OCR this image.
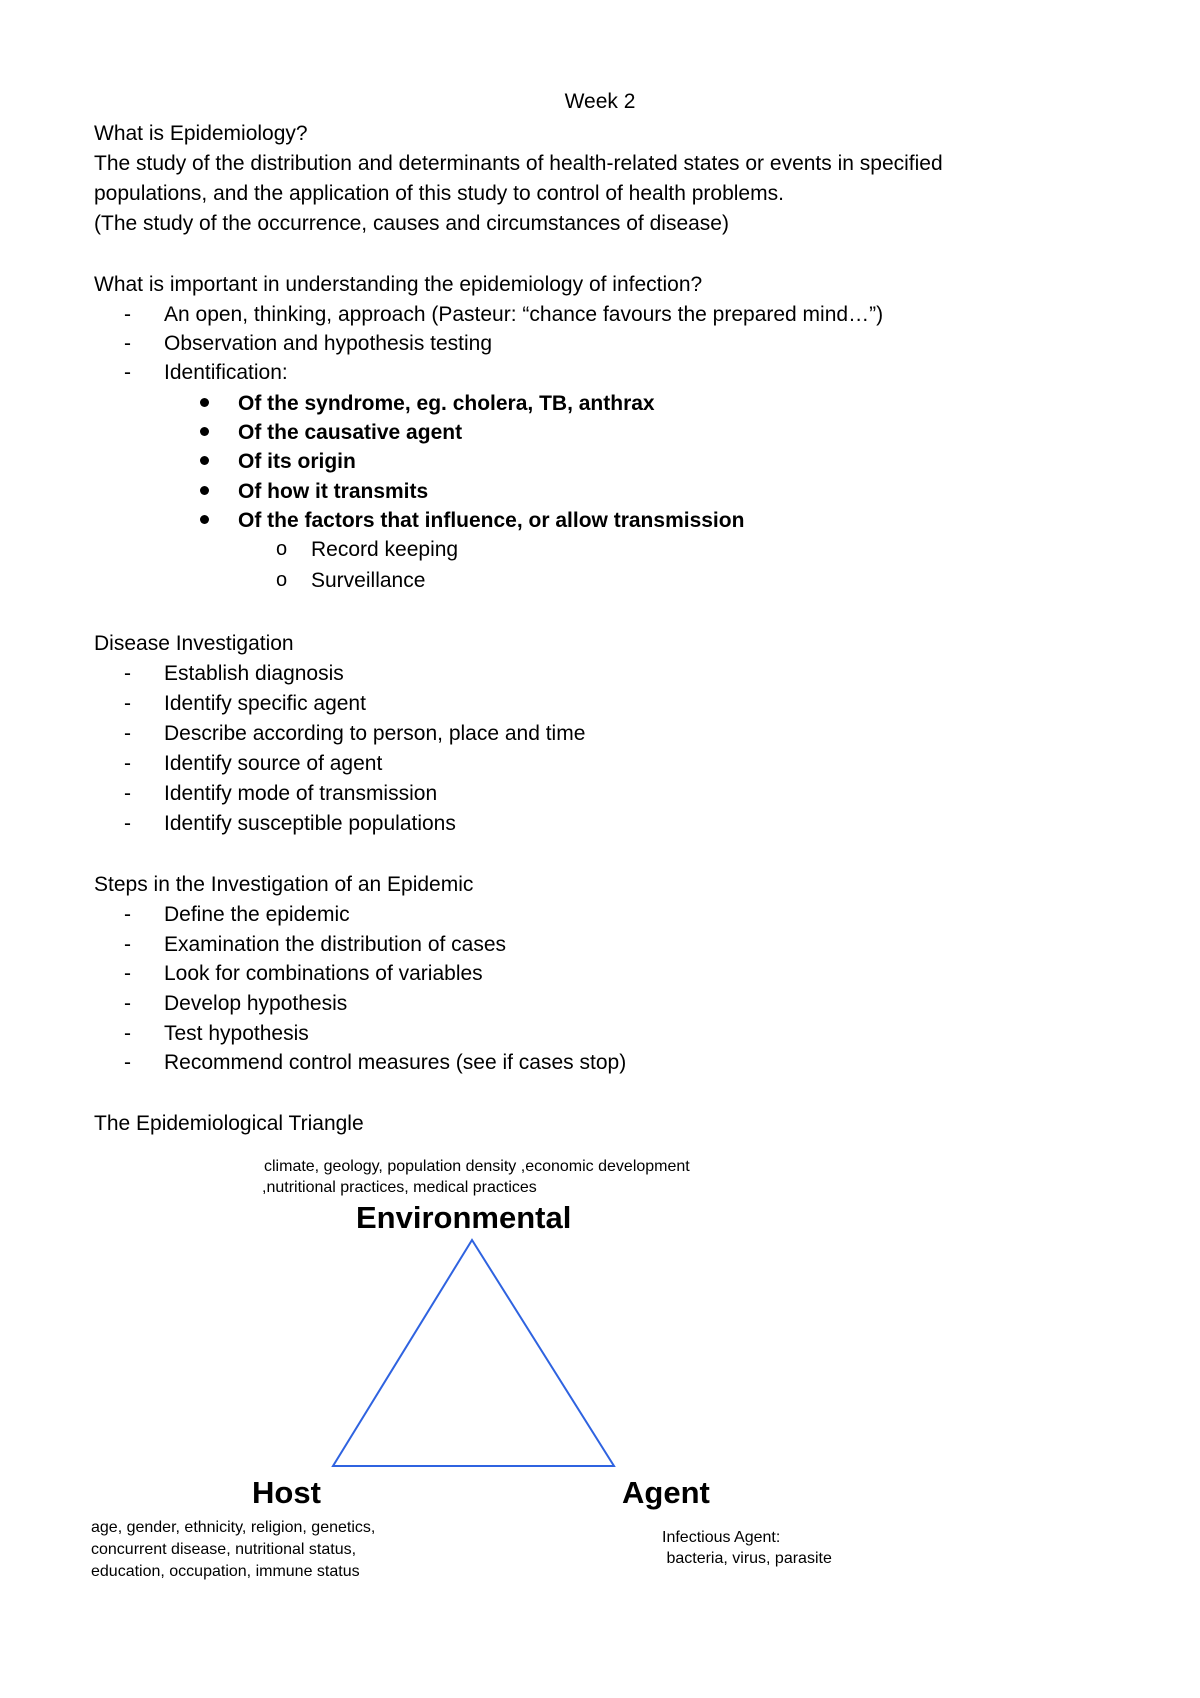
Week 2
What is Epidemiology?
The study of the distribution and determinants of health-related states or events in specified
populations, and the application of this study to control of health problems.
(The study of the occurrence, causes and circumstances of disease)
What is important in understanding the epidemiology of infection?
- An open, thinking, approach (Pasteur: “chance favours the prepared mind…”)
- Observation and hypothesis testing
- Identification:
Of the syndrome, eg. cholera, TB, anthrax
Of the causative agent
Of its origin
Of how it transmits
Of the factors that influence, or allow transmission
o Record keeping
o Surveillance
Disease Investigation
- Establish diagnosis
- Identify specific agent
- Describe according to person, place and time
- Identify source of agent
- Identify mode of transmission
- Identify susceptible populations
Steps in the Investigation of an Epidemic
- Define the epidemic
- Examination the distribution of cases
- Look for combinations of variables
- Develop hypothesis
- Test hypothesis
- Recommend control measures (see if cases stop)
The Epidemiological Triangle
climate, geology, population density ,economic development
,nutritional practices, medical practices
Environmental
Host	Agent
age, gender, ethnicity, religion, genetics,
concurrent disease, nutritional status,
education, occupation, immune status
Infectious Agent:
bacteria, virus, parasite
